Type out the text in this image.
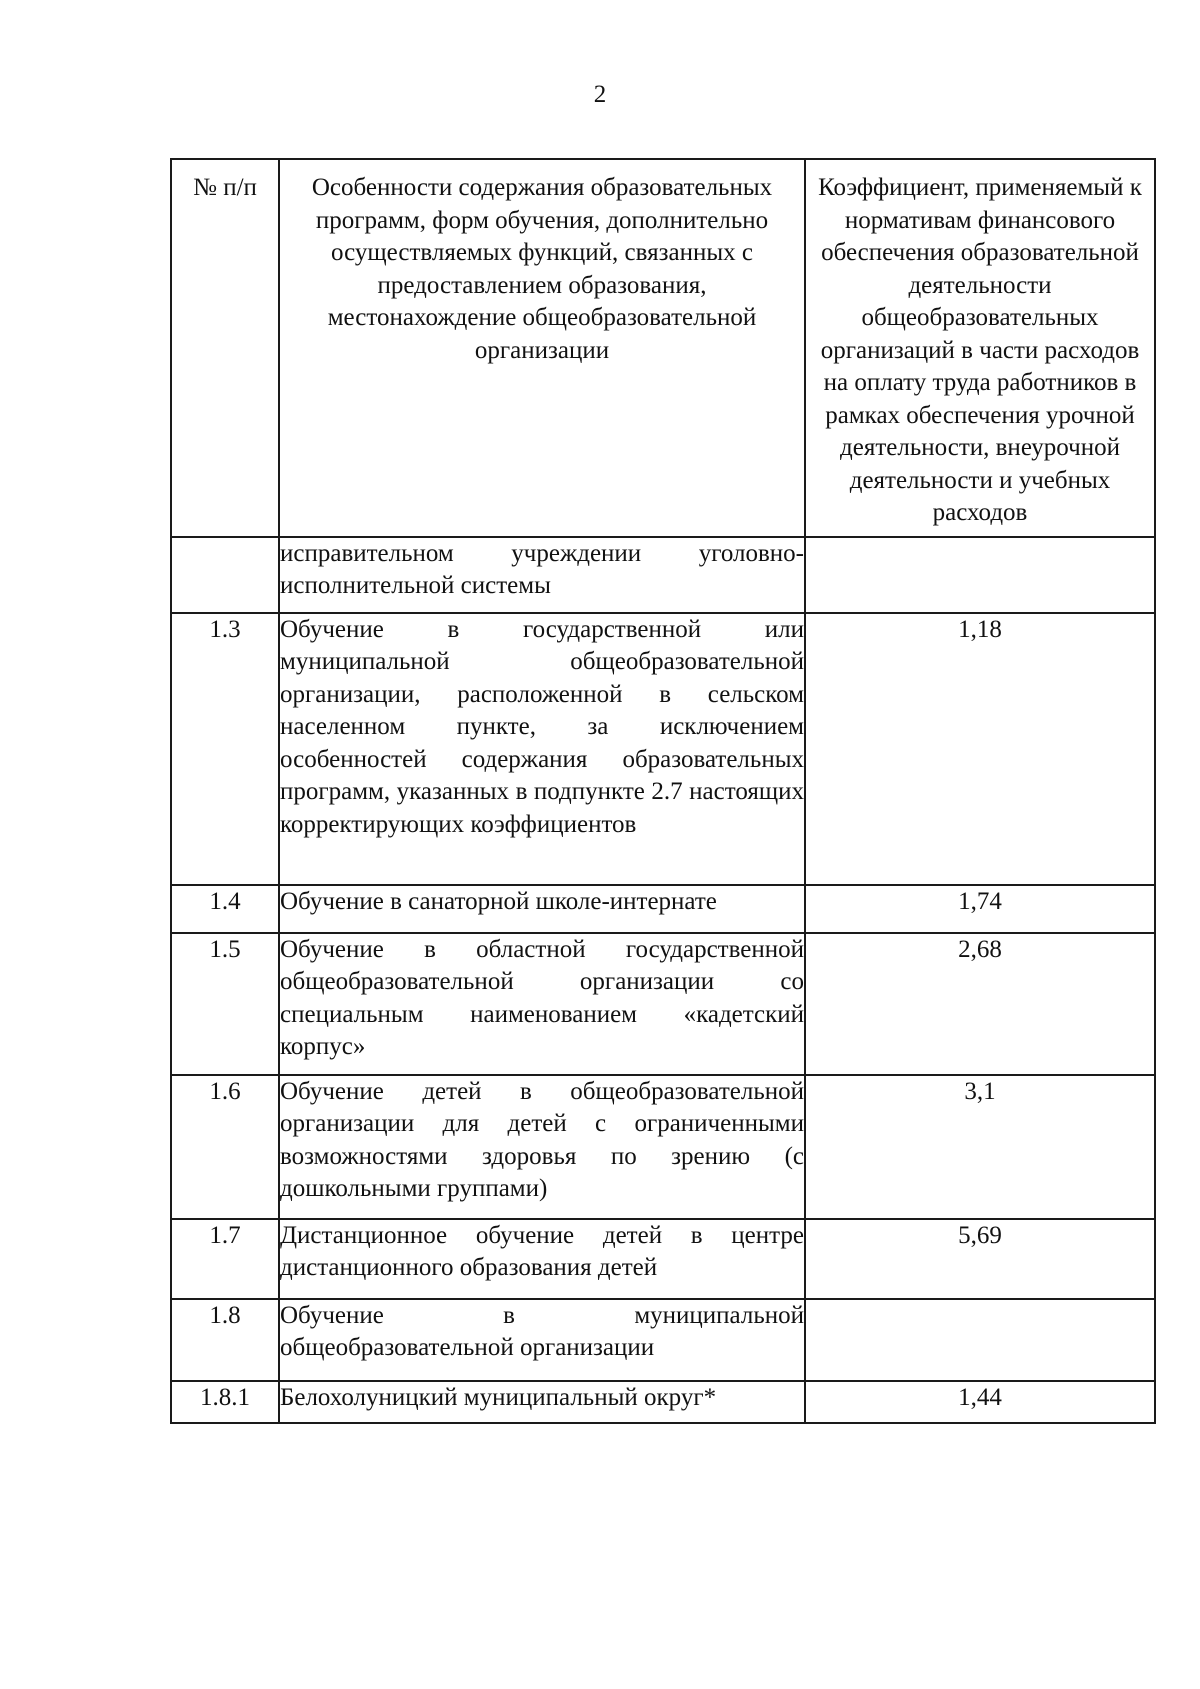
2
№ п/п	Особенности содержания образовательных программ, форм обучения, дополнительно осуществляемых функций, связанных с предоставлением образования, местонахождение общеобразовательной организации	Коэффициент, применяемый к нормативам финансового обеспечения образовательной деятельности общеобразовательных организаций в части расходов на оплату труда работников в рамках обеспечения урочной деятельности, внеурочной деятельности и учебных расходов

	исправительном учреждении уголовно-исполнительной системы	
1.3	Обучение в государственной или муниципальной общеобразовательной организации, расположенной в сельском населенном пункте, за исключением особенностей содержания образовательных программ, указанных в подпункте 2.7 настоящих корректирующих коэффициентов	1,18
1.4	Обучение в санаторной школе-интернате	1,74
1.5	Обучение в областной государственной общеобразовательной организации со специальным наименованием «кадетский корпус»	2,68
1.6	Обучение детей в общеобразовательной организации для детей с ограниченными возможностями здоровья по зрению (с дошкольными группами)	3,1
1.7	Дистанционное обучение детей в центре дистанционного образования детей	5,69
1.8	Обучение в муниципальной общеобразовательной организации	
1.8.1	Белохолуницкий муниципальный округ*	1,44
